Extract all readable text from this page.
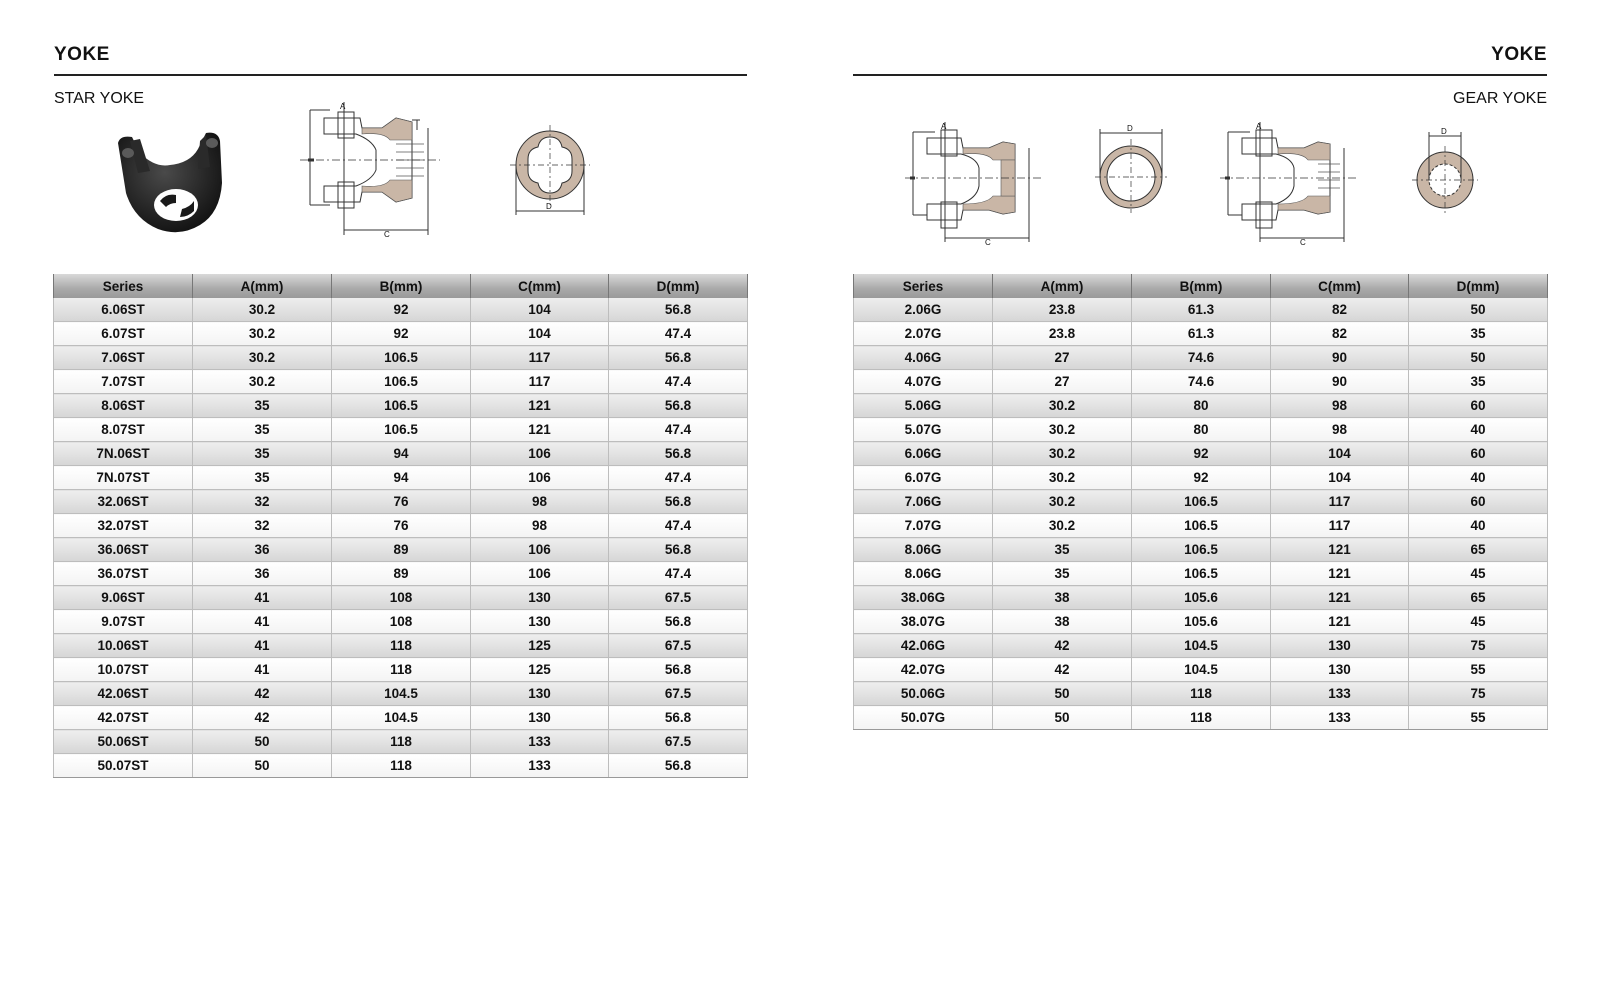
YOKE
STAR YOKE	A
C
D
Series	A(mm)	B(mm)	C(mm)	D(mm)
6.06ST	30.2	92	104	56.8
6.07ST	30.2	92	104	47.4
7.06ST	30.2	106.5	117	56.8
7.07ST	30.2	106.5	117	47.4
8.06ST	35	106.5	121	56.8
8.07ST	35	106.5	121	47.4
7N.06ST	35	94	106	56.8
7N.07ST	35	94	106	47.4
32.06ST	32	76	98	56.8
32.07ST	32	76	98	47.4
36.06ST	36	89	106	56.8
36.07ST	36	89	106	47.4
9.06ST	41	108	130	67.5
9.07ST	41	108	130	56.8
10.06ST	41	118	125	67.5
10.07ST	41	118	125	56.8
42.06ST	42	104.5	130	67.5
42.07ST	42	104.5	130	56.8
50.06ST	50	118	133	67.5
50.07ST	50	118	133	56.8
YOKE
GEAR YOKE
A
C
D	A
C
D
Series	A(mm)	B(mm)	C(mm)	D(mm)
2.06G	23.8	61.3	82	50
2.07G	23.8	61.3	82	35
4.06G	27	74.6	90	50
4.07G	27	74.6	90	35
5.06G	30.2	80	98	60
5.07G	30.2	80	98	40
6.06G	30.2	92	104	60
6.07G	30.2	92	104	40
7.06G	30.2	106.5	117	60
7.07G	30.2	106.5	117	40
8.06G	35	106.5	121	65
8.06G	35	106.5	121	45
38.06G	38	105.6	121	65
38.07G	38	105.6	121	45
42.06G	42	104.5	130	75
42.07G	42	104.5	130	55
50.06G	50	118	133	75
50.07G	50	118	133	55
